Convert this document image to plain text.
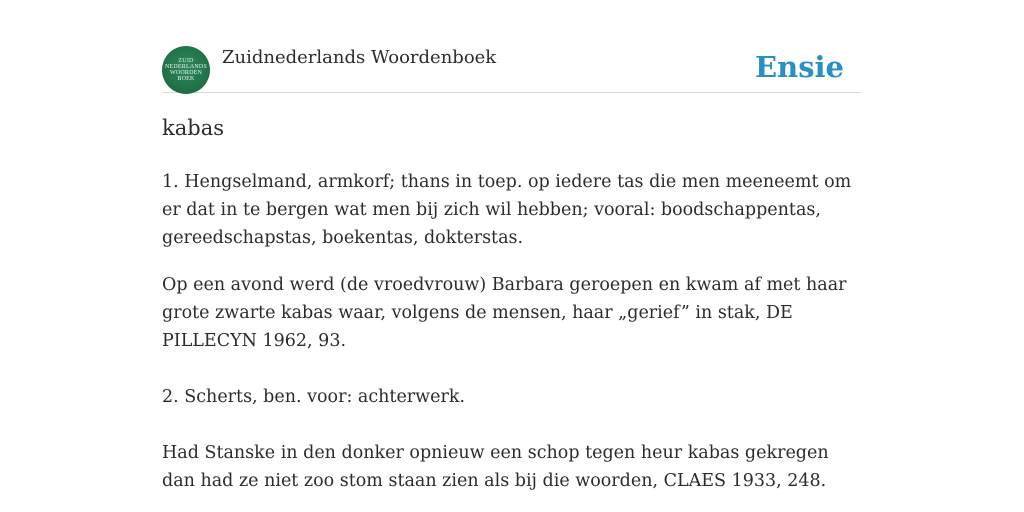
ZUID
NEDERLANDS
WOORDEN
BOEK
Zuidnederlands Woordenboek	Ensie
kabas

1. Hengselmand, armkorf; thans in toep. op iedere tas die men meeneemt om er dat in te bergen wat men bij zich wil hebben; vooral: boodschappentas, gereedschapstas, boekentas, dokterstas.

Op een avond werd (de vroedvrouw) Barbara geroepen en kwam af met haar grote zwarte kabas waar, volgens de mensen, haar „gerief” in stak, DE PILLECYN 1962, 93.

2. Scherts, ben. voor: achterwerk.

Had Stanske in den donker opnieuw een schop tegen heur kabas gekregen dan had ze niet zoo stom staan zien als bij die woorden, CLAES 1933, 248.
